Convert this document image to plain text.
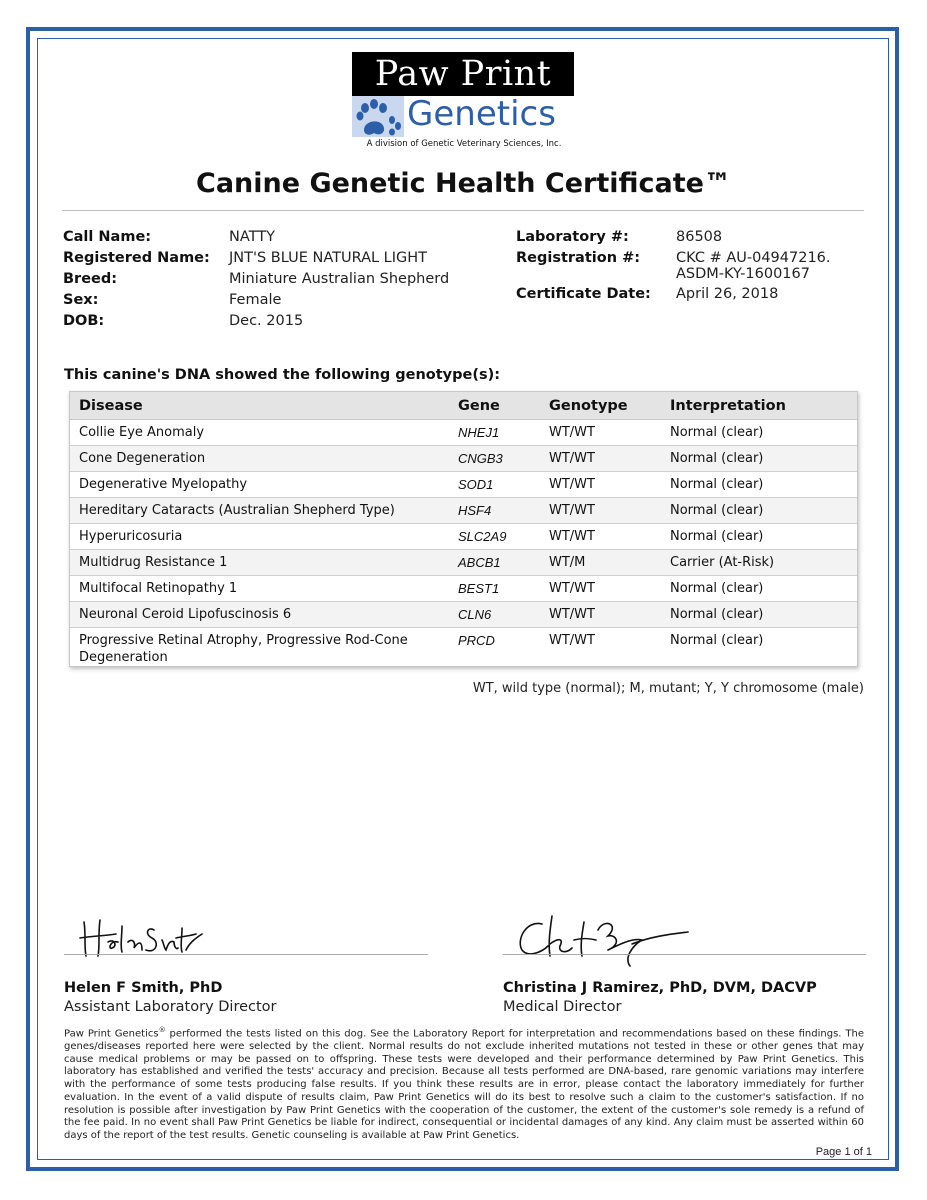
Paw Print
Genetics
A division of Genetic Veterinary Sciences, Inc.
Canine Genetic Health Certificate™
Call Name:	NATTY
Registered Name: JNT'S BLUE NATURAL LIGHT
Breed:	Miniature Australian Shepherd
Sex:	Female
DOB:	Dec. 2015
Laboratory #:	86508
Registration #: CKC # AU-04947216.
ASDM-KY-1600167
Certificate Date: April 26, 2018
This canine's DNA showed the following genotype(s):
Disease	Gene	Genotype	Interpretation
Collie Eye Anomaly	NHEJ1	WT/WT	Normal (clear)
Cone Degeneration	CNGB3	WT/WT	Normal (clear)
Degenerative Myelopathy	SOD1	WT/WT	Normal (clear)
Hereditary Cataracts (Australian Shepherd Type)	HSF4	WT/WT	Normal (clear)
Hyperuricosuria	SLC2A9	WT/WT	Normal (clear)
Multidrug Resistance 1	ABCB1	WT/M	Carrier (At-Risk)
Multifocal Retinopathy 1	BEST1	WT/WT	Normal (clear)
Neuronal Ceroid Lipofuscinosis 6	CLN6	WT/WT	Normal (clear)
Progressive Retinal Atrophy, Progressive Rod-Cone Degeneration	PRCD	WT/WT	Normal (clear)
WT, wild type (normal); M, mutant; Y, Y chromosome (male)
Helen F Smith, PhD
Assistant Laboratory Director
Christina J Ramirez, PhD, DVM, DACVP
Medical Director
Paw Print Genetics® performed the tests listed on this dog. See the Laboratory Report for interpretation and recommendations based on these findings. The genes/diseases reported here were selected by the client. Normal results do not exclude inherited mutations not tested in these or other genes that may cause medical problems or may be passed on to offspring. These tests were developed and their performance determined by Paw Print Genetics. This laboratory has established and verified the tests' accuracy and precision. Because all tests performed are DNA-based, rare genomic variations may interfere with the performance of some tests producing false results. If you think these results are in error, please contact the laboratory immediately for further evaluation. In the event of a valid dispute of results claim, Paw Print Genetics will do its best to resolve such a claim to the customer's satisfaction. If no resolution is possible after investigation by Paw Print Genetics with the cooperation of the customer, the extent of the customer's sole remedy is a refund of the fee paid. In no event shall Paw Print Genetics be liable for indirect, consequential or incidental damages of any kind. Any claim must be asserted within 60 days of the report of the test results. Genetic counseling is available at Paw Print Genetics.
Page 1 of 1
